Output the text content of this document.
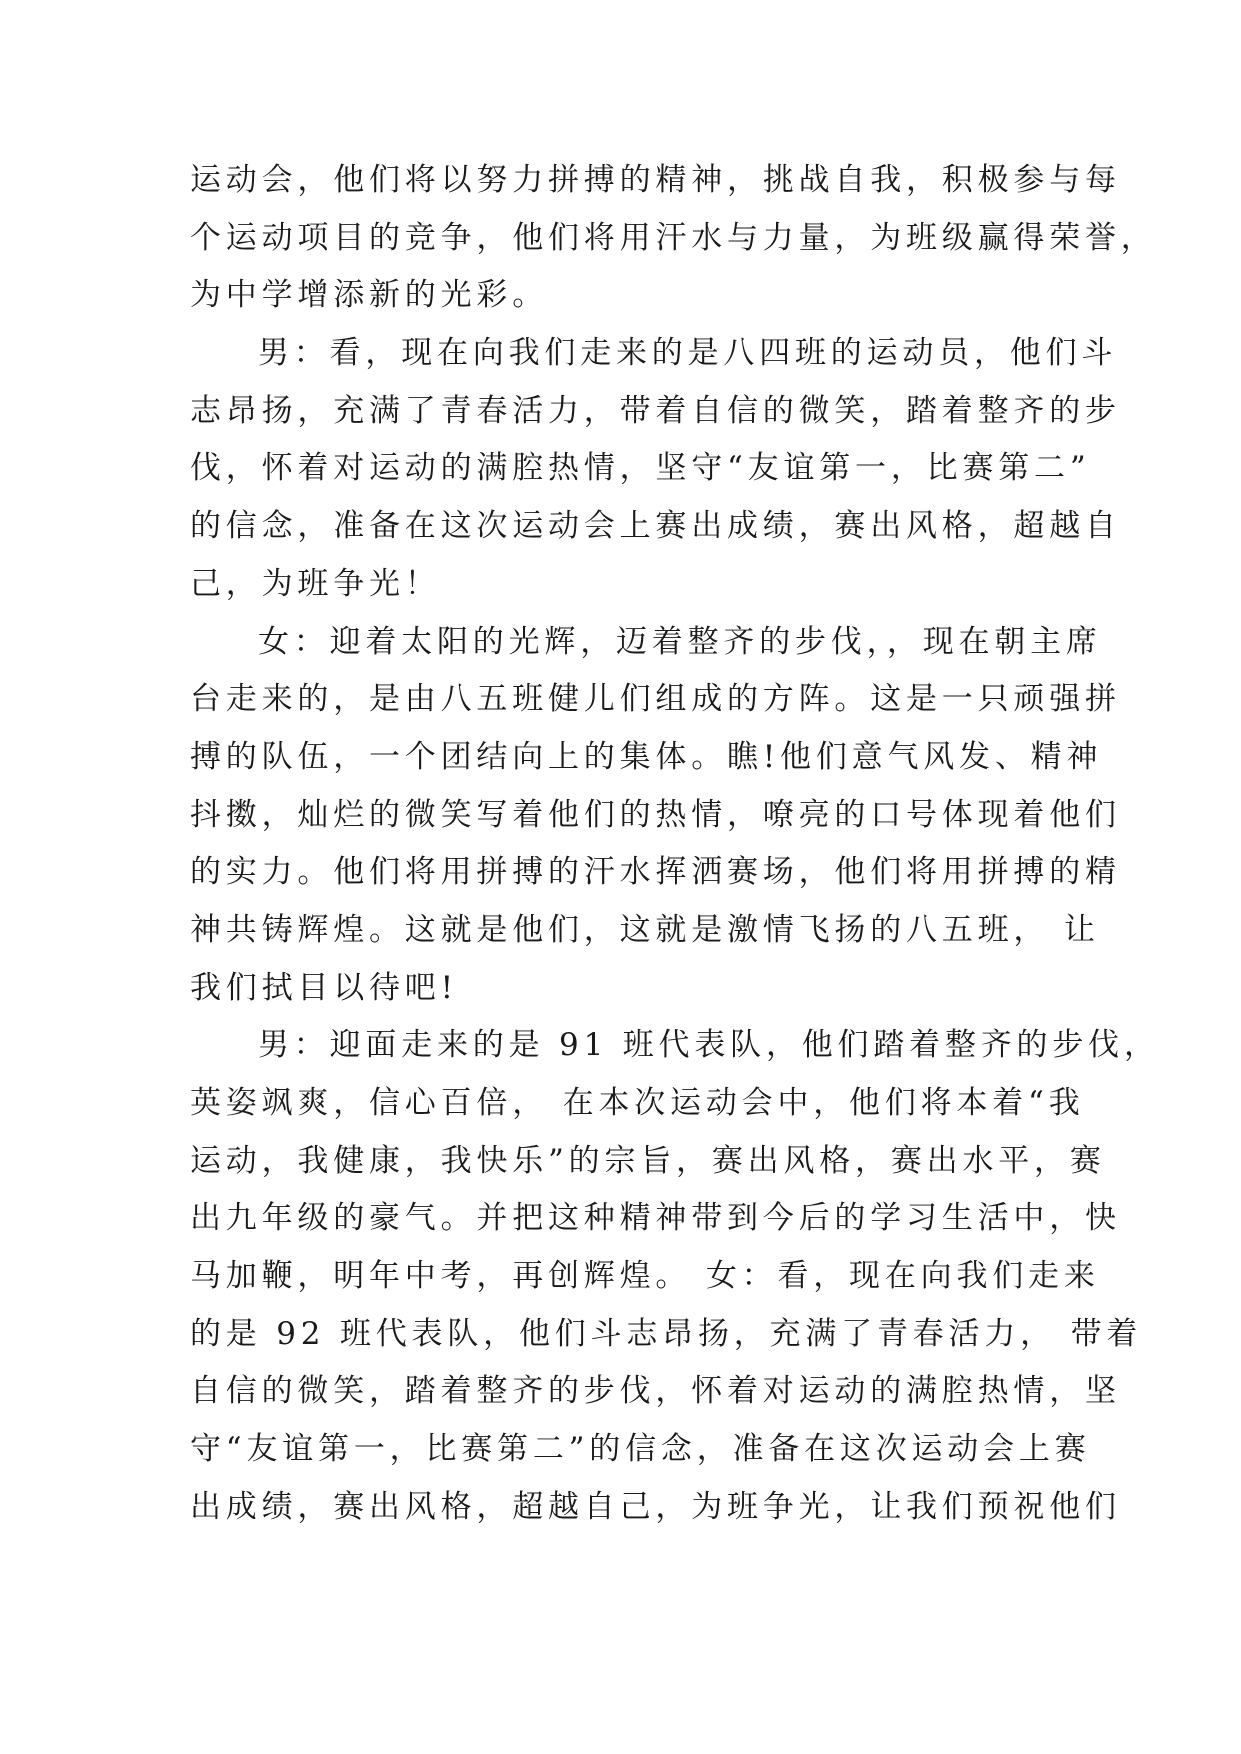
运动会，他们将以努力拼搏的精神，挑战自我，积极参与每
个运动项目的竞争，他们将用汗水与力量，为班级赢得荣誉，
为中学增添新的光彩。
男：看，现在向我们走来的是八四班的运动员，他们斗
志昂扬，充满了青春活力，带着自信的微笑，踏着整齐的步
伐，怀着对运动的满腔热情，坚守“友谊第一，比赛第二”
的信念，准备在这次运动会上赛出成绩，赛出风格，超越自
己，为班争光！
女：迎着太阳的光辉，迈着整齐的步伐，，现在朝主席
台走来的，是由八五班健儿们组成的方阵。这是一只顽强拼
搏的队伍，一个团结向上的集体。瞧!他们意气风发、精神
抖擞，灿烂的微笑写着他们的热情，嘹亮的口号体现着他们
的实力。他们将用拼搏的汗水挥洒赛场，他们将用拼搏的精
神共铸辉煌。这就是他们，这就是激情飞扬的八五班， 让
我们拭目以待吧!
男：迎面走来的是 91 班代表队，他们踏着整齐的步伐，
英姿飒爽，信心百倍， 在本次运动会中，他们将本着“我
运动，我健康，我快乐”的宗旨，赛出风格，赛出水平，赛
出九年级的豪气。并把这种精神带到今后的学习生活中，快
马加鞭，明年中考，再创辉煌。 女：看，现在向我们走来
的是 92 班代表队，他们斗志昂扬，充满了青春活力， 带着
自信的微笑，踏着整齐的步伐，怀着对运动的满腔热情，坚
守“友谊第一，比赛第二”的信念，准备在这次运动会上赛
出成绩，赛出风格，超越自己，为班争光，让我们预祝他们
